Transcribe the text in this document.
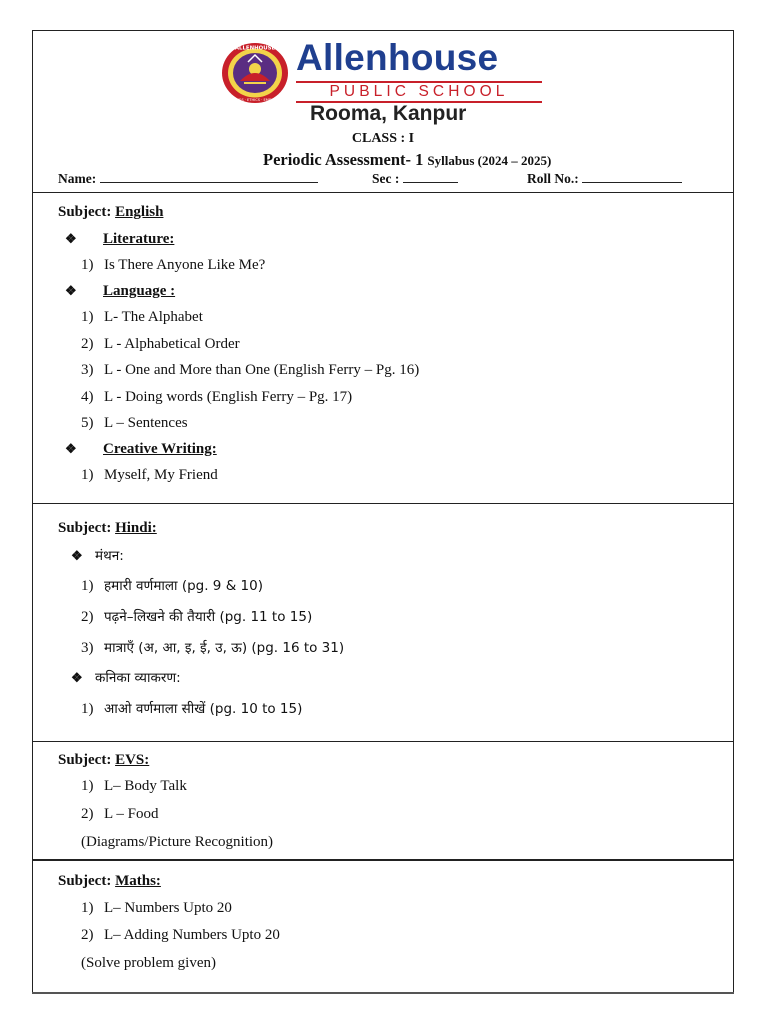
ALLENHOUSE
VALUES · ETHICS · EMPATHY
Allenhouse
PUBLIC SCHOOL
Rooma, Kanpur
CLASS : I
Periodic Assessment- 1 Syllabus (2024 – 2025)
Name:	Sec :	Roll No.:
Subject: English
❖ Literature:
1) Is There Anyone Like Me?
❖ Language :
1) L- The Alphabet
2) L - Alphabetical Order
3) L - One and More than One (English Ferry – Pg. 16)
4) L - Doing words (English Ferry – Pg. 17)
5) L – Sentences
❖ Creative Writing:
1) Myself, My Friend
Subject: Hindi:
❖ मंथन:
1) हमारी वर्णमाला (pg. 9 & 10)
2) पढ़ने–लिखने की तैयारी (pg. 11 to 15)
3) मात्राएँ (अ, आ, इ, ई, उ, ऊ) (pg. 16 to 31)
❖ कनिका व्याकरण:
1) आओ वर्णमाला सीखें (pg. 10 to 15)
Subject: EVS:
1) L– Body Talk
2) L – Food
(Diagrams/Picture Recognition)
Subject: Maths:
1) L– Numbers Upto 20
2) L– Adding Numbers Upto 20
(Solve problem given)
